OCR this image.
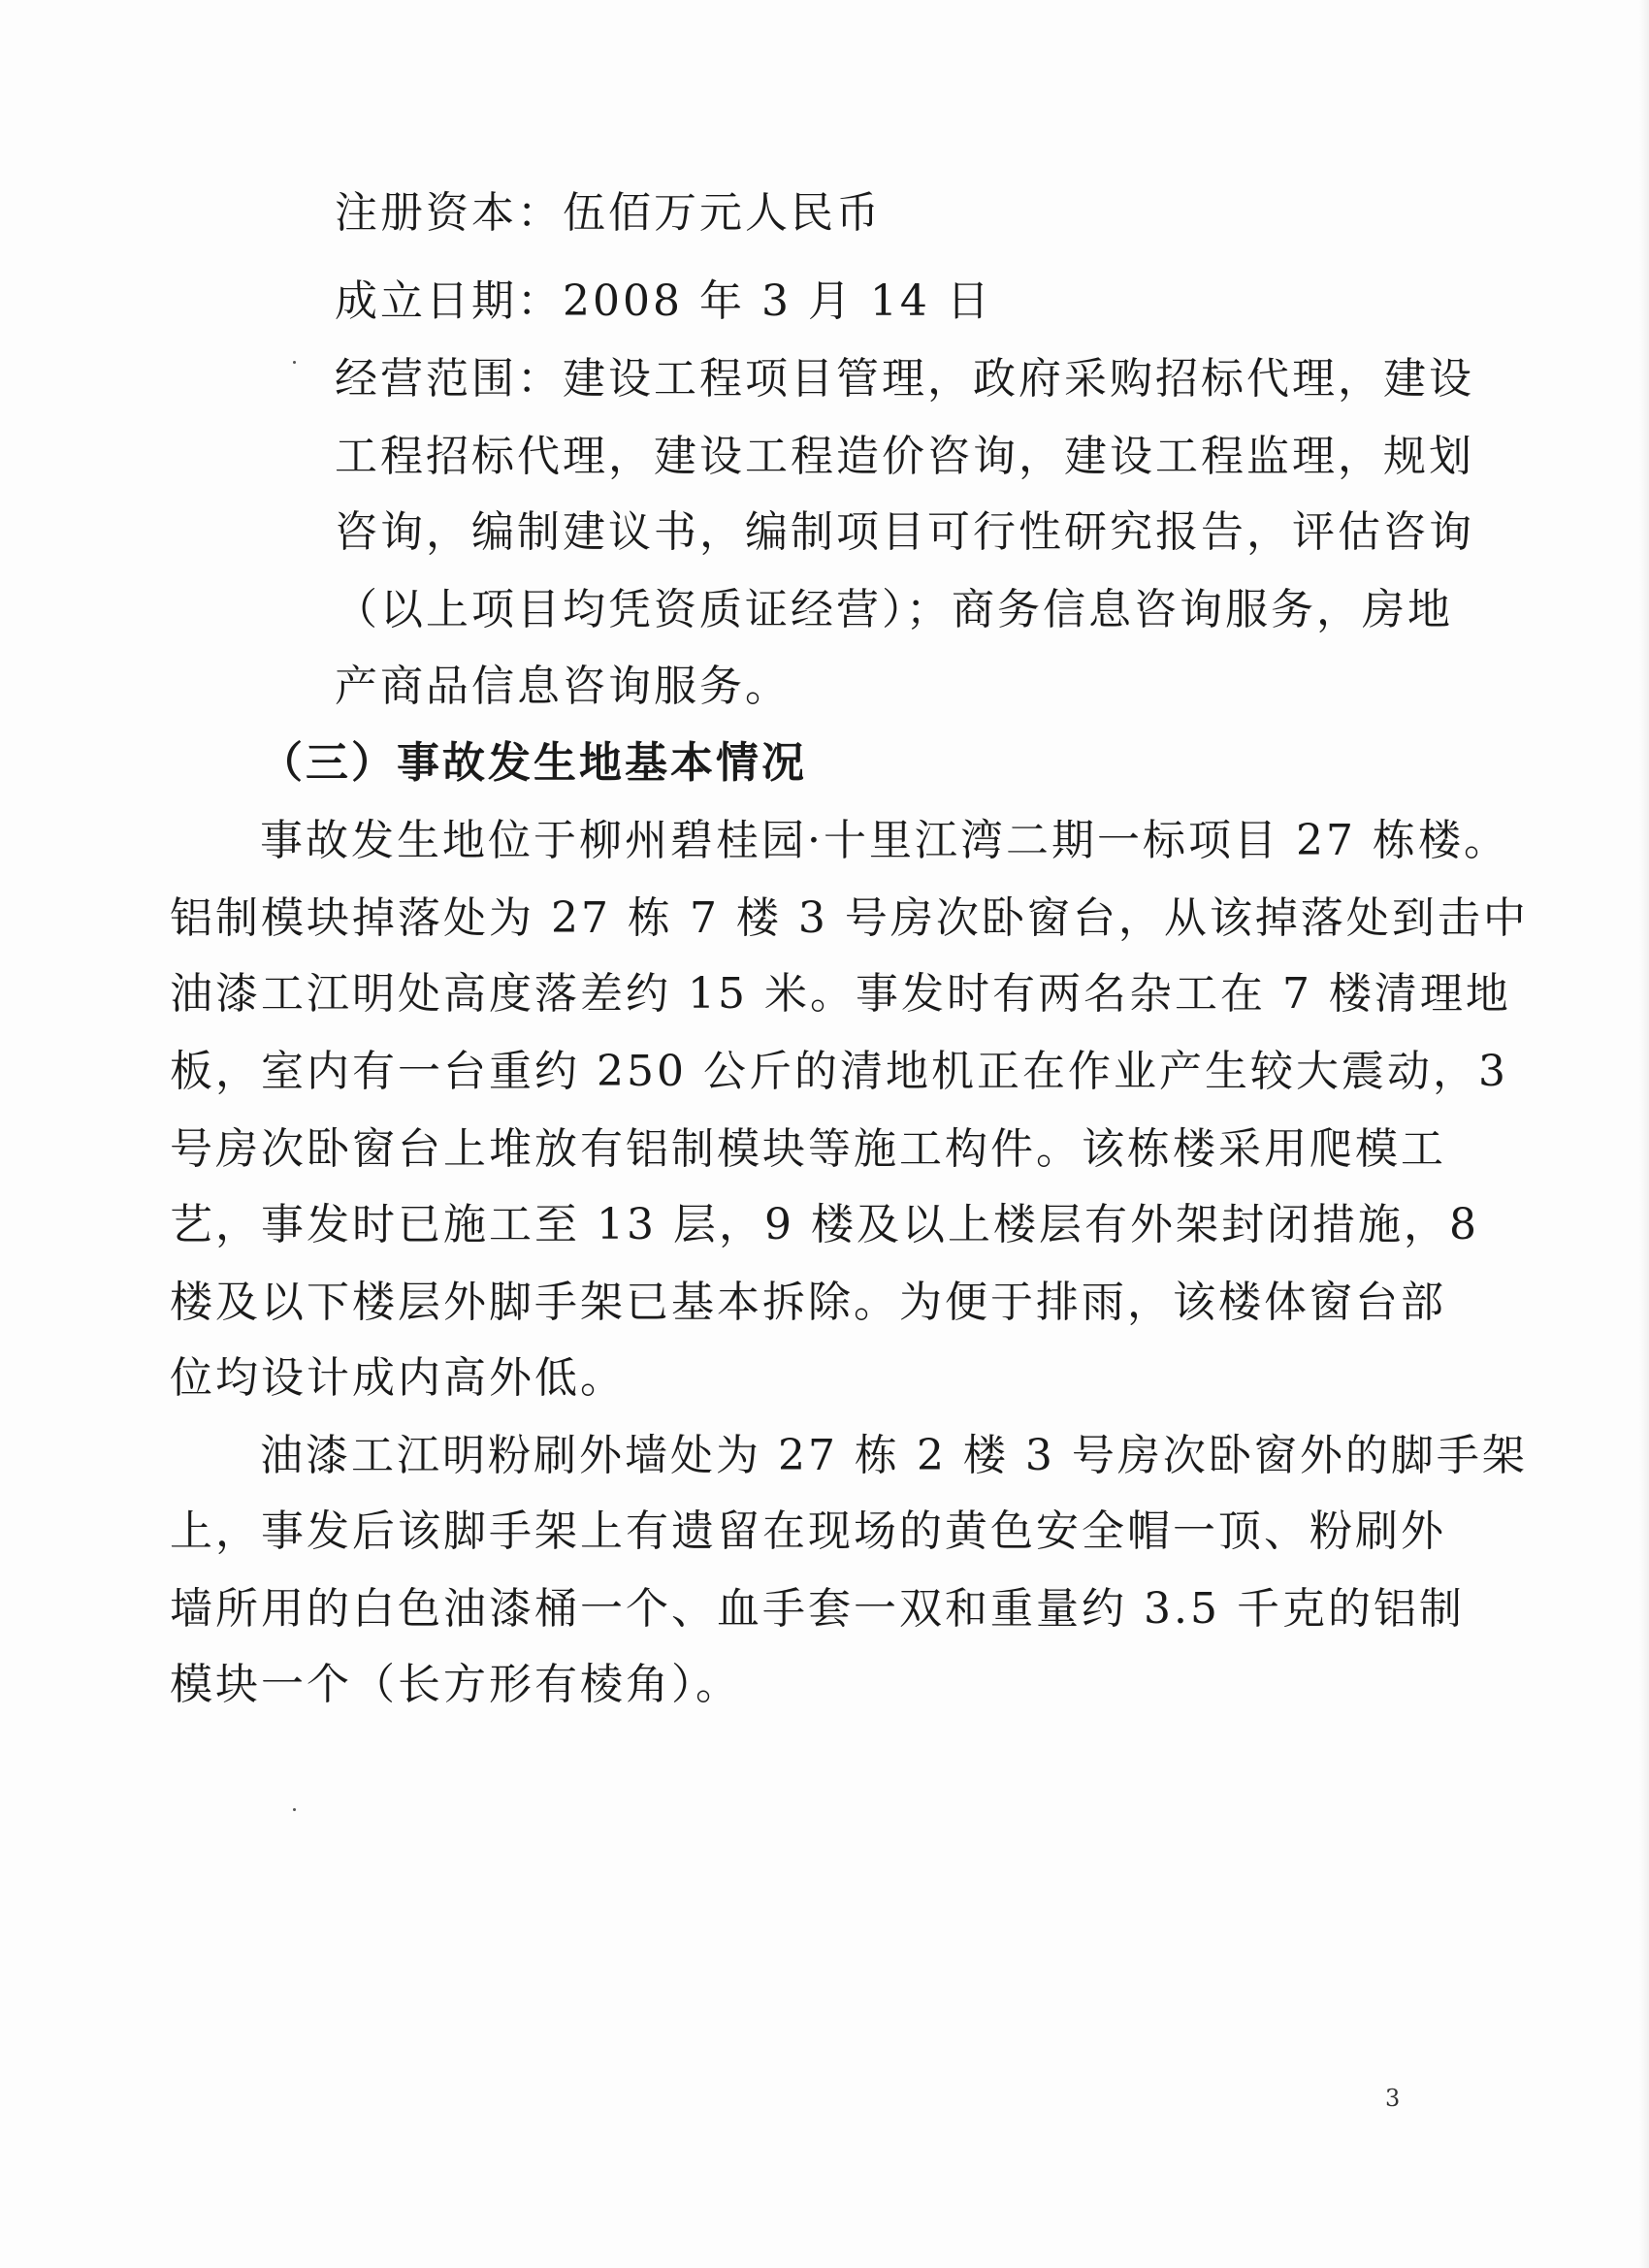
注册资本：伍佰万元人民币

成立日期：2008 年 3 月 14 日

经营范围：建设工程项目管理，政府采购招标代理，建设

工程招标代理，建设工程造价咨询，建设工程监理，规划

咨询，编制建议书，编制项目可行性研究报告，评估咨询

（以上项目均凭资质证经营）；商务信息咨询服务，房地

产商品信息咨询服务。

（三）事故发生地基本情况

事故发生地位于柳州碧桂园·十里江湾二期一标项目 27 栋楼。

铝制模块掉落处为 27 栋 7 楼 3 号房次卧窗台，从该掉落处到击中

油漆工江明处高度落差约 15 米。事发时有两名杂工在 7 楼清理地

板，室内有一台重约 250 公斤的清地机正在作业产生较大震动，3

号房次卧窗台上堆放有铝制模块等施工构件。该栋楼采用爬模工

艺，事发时已施工至 13 层，9 楼及以上楼层有外架封闭措施，8

楼及以下楼层外脚手架已基本拆除。为便于排雨，该楼体窗台部

位均设计成内高外低。

油漆工江明粉刷外墙处为 27 栋 2 楼 3 号房次卧窗外的脚手架

上，事发后该脚手架上有遗留在现场的黄色安全帽一顶、粉刷外

墙所用的白色油漆桶一个、血手套一双和重量约 3.5 千克的铝制

模块一个（长方形有棱角）。

3
